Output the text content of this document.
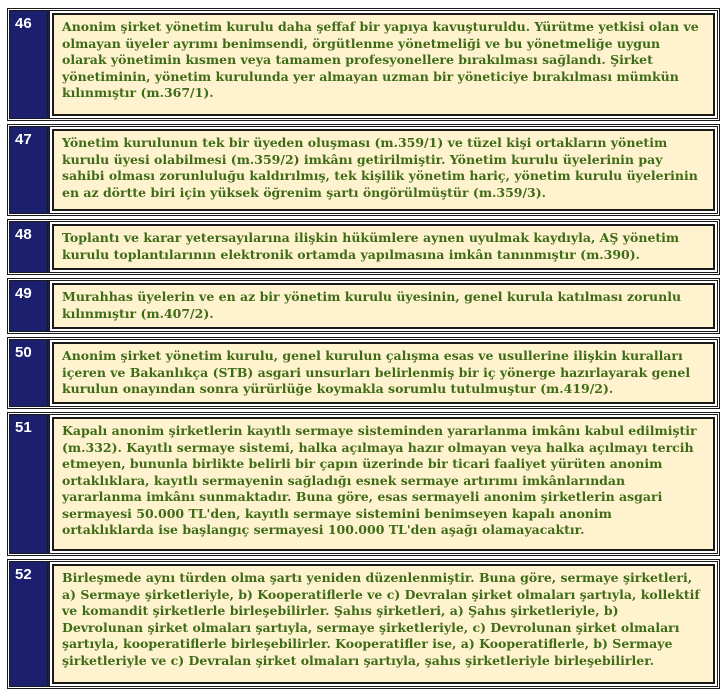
46	Anonim şirket yönetim kurulu daha şeffaf bir yapıya kavuşturuldu. Yürütme yetkisi olan ve olmayan üyeler ayrımı benimsendi, örgütlenme yönetmeliği ve bu yönetmeliğe uygun olarak yönetimin kısmen veya tamamen profesyonellere bırakılması sağlandı. Şirket yönetiminin, yönetim kurulunda yer almayan uzman bir yöneticiye bırakılması mümkün kılınmıştır (m.367/1).
47	Yönetim kurulunun tek bir üyeden oluşması (m.359/1) ve tüzel kişi ortakların yönetim kurulu üyesi olabilmesi (m.359/2) imkânı getirilmiştir. Yönetim kurulu üyelerinin pay sahibi olması zorunluluğu kaldırılmış, tek kişilik yönetim hariç, yönetim kurulu üyelerinin en az dörtte biri için yüksek öğrenim şartı öngörülmüştür (m.359/3).
48	Toplantı ve karar yetersayılarına ilişkin hükümlere aynen uyulmak kaydıyla, AŞ yönetim kurulu toplantılarının elektronik ortamda yapılmasına imkân tanınmıştır (m.390).
49	Murahhas üyelerin ve en az bir yönetim kurulu üyesinin, genel kurula katılması zorunlu kılınmıştır (m.407/2).
50	Anonim şirket yönetim kurulu, genel kurulun çalışma esas ve usullerine ilişkin kuralları içeren ve Bakanlıkça (STB) asgari unsurları belirlenmiş bir iç yönerge hazırlayarak genel kurulun onayından sonra yürürlüğe koymakla sorumlu tutulmuştur (m.419/2).
51	Kapalı anonim şirketlerin kayıtlı sermaye sisteminden yararlanma imkânı kabul edilmiştir (m.332). Kayıtlı sermaye sistemi, halka açılmaya hazır olmayan veya halka açılmayı tercih etmeyen, bununla birlikte belirli bir çapın üzerinde bir ticari faaliyet yürüten anonim ortaklıklara, kayıtlı sermayenin sağladığı esnek sermaye artırımı imkânlarından yararlanma imkânı sunmaktadır. Buna göre, esas sermayeli anonim şirketlerin asgari sermayesi 50.000 TL'den, kayıtlı sermaye sistemini benimseyen kapalı anonim ortaklıklarda ise başlangıç sermayesi 100.000 TL'den aşağı olamayacaktır.
52	Birleşmede aynı türden olma şartı yeniden düzenlenmiştir. Buna göre, sermaye şirketleri, a) Sermaye şirketleriyle, b) Kooperatiflerle ve c) Devralan şirket olmaları şartıyla, kollektif ve komandit şirketlerle birleşebilirler. Şahıs şirketleri, a) Şahıs şirketleriyle, b) Devrolunan şirket olmaları şartıyla, sermaye şirketleriyle, c) Devrolunan şirket olmaları şartıyla, kooperatiflerle birleşebilirler. Kooperatifler ise, a) Kooperatiflerle, b) Sermaye şirketleriyle ve c) Devralan şirket olmaları şartıyla, şahıs şirketleriyle birleşebilirler.
